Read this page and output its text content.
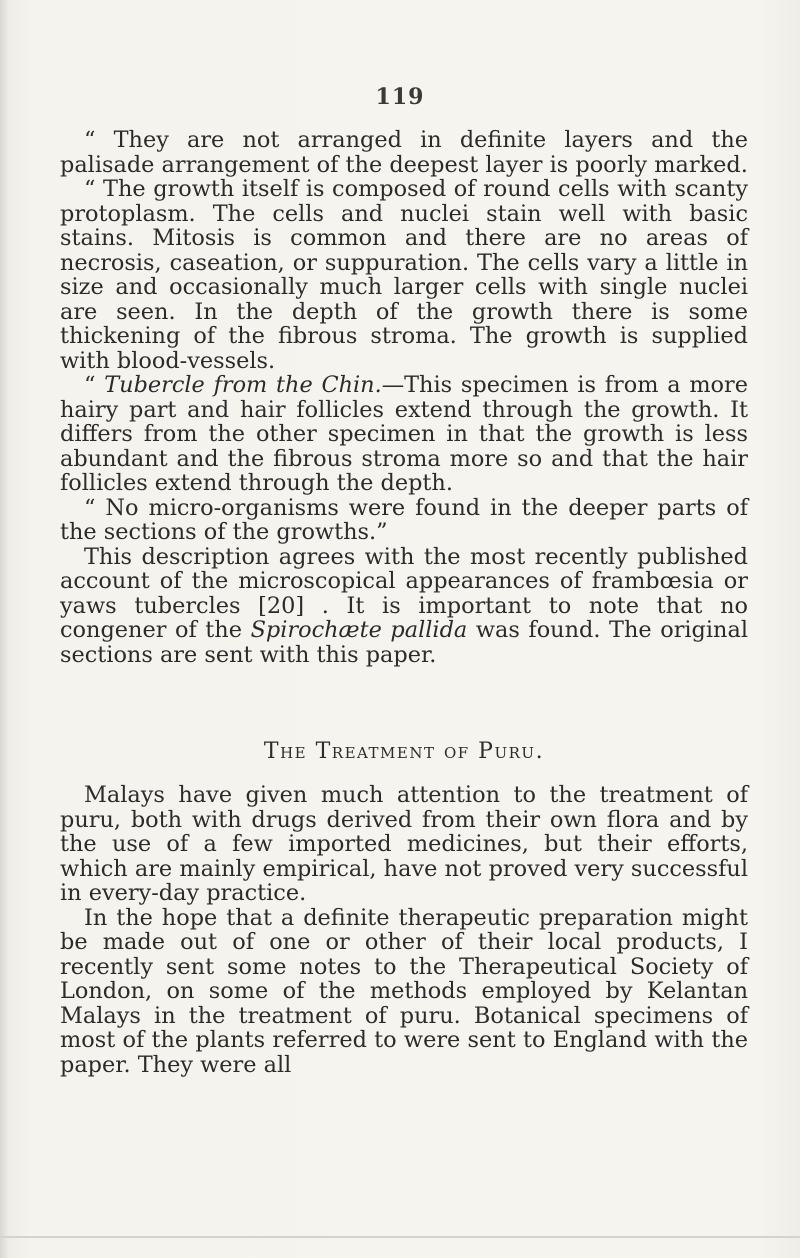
119

“ They are not arranged in definite layers and the palisade arrangement of the deepest layer is poorly marked.

“ The growth itself is composed of round cells with scanty protoplasm. The cells and nuclei stain well with basic stains. Mitosis is common and there are no areas of necrosis, caseation, or suppuration. The cells vary a little in size and occasionally much larger cells with single nuclei are seen. In the depth of the growth there is some thickening of the fibrous stroma. The growth is supplied with blood-vessels.

“ Tubercle from the Chin.—This specimen is from a more hairy part and hair follicles extend through the growth. It differs from the other specimen in that the growth is less abundant and the fibrous stroma more so and that the hair follicles extend through the depth.

“ No micro-organisms were found in the deeper parts of the sections of the growths.”

This description agrees with the most recently published account of the microscopical appearances of frambœsia or yaws tubercles [20] . It is important to note that no congener of the Spirochæte pallida was found. The original sections are sent with this paper.

The Treatment of Puru.

Malays have given much attention to the treatment of puru, both with drugs derived from their own flora and by the use of a few imported medicines, but their efforts, which are mainly empirical, have not proved very successful in every-day practice.

In the hope that a definite therapeutic preparation might be made out of one or other of their local products, I recently sent some notes to the Therapeutical Society of London, on some of the methods employed by Kelantan Malays in the treatment of puru. Botanical specimens of most of the plants referred to were sent to England with the paper. They were all
